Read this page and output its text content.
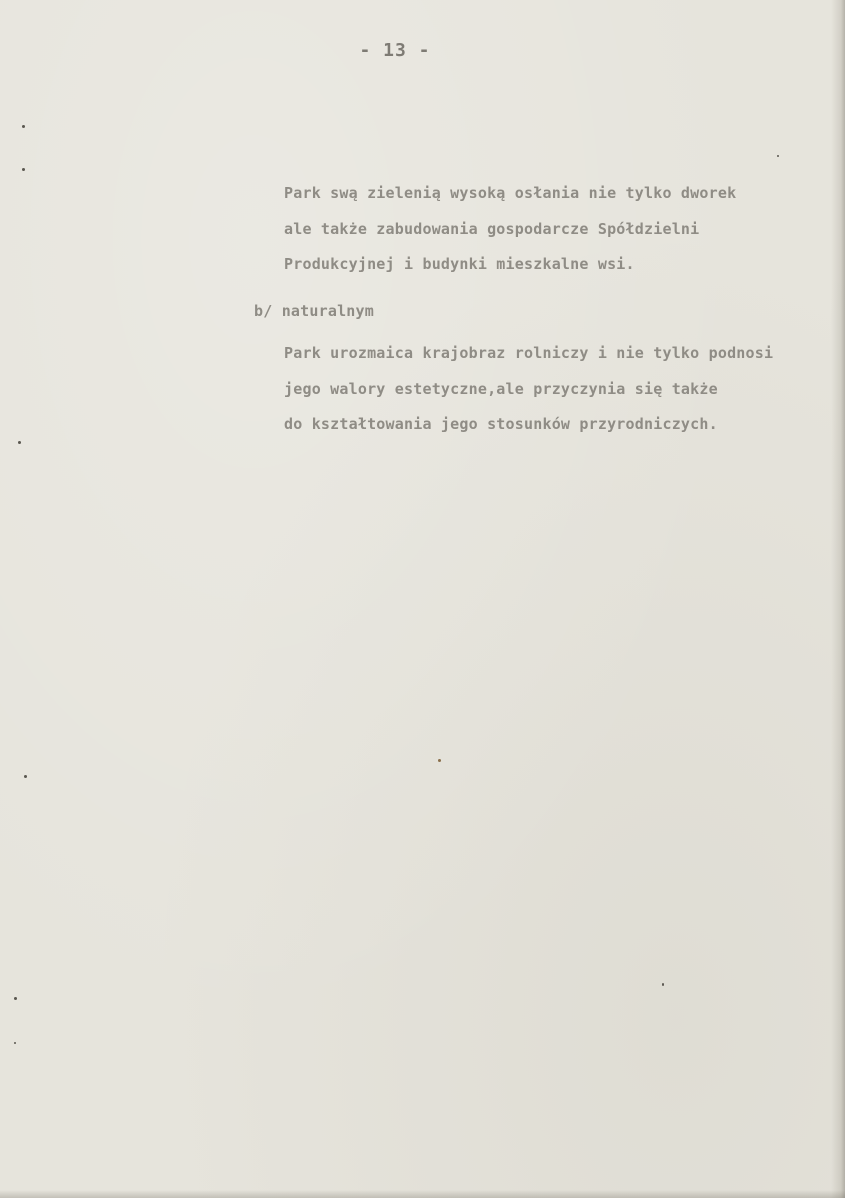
- 13 -
Park swą zielenią wysoką osłania nie tylko dworek
ale także zabudowania gospodarcze Spółdzielni
Produkcyjnej i budynki mieszkalne wsi.
b/ naturalnym
Park urozmaica krajobraz rolniczy i nie tylko podnosi
jego walory estetyczne,ale przyczynia się także
do kształtowania jego stosunków przyrodniczych.
